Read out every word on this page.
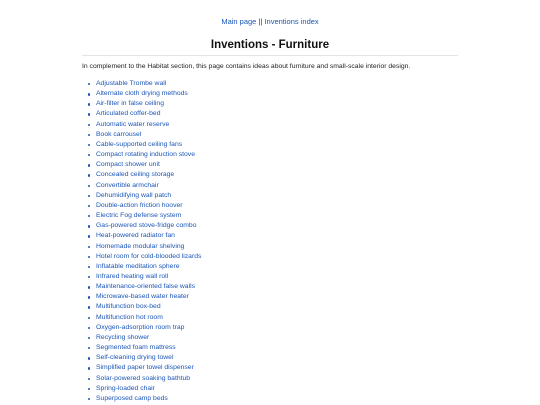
Main page || Inventions index
Inventions - Furniture

In complement to the Habitat section, this page contains ideas about furniture and small-scale interior design.

Adjustable Trombe wall
Alternate cloth drying methods
Air-filter in false ceiling
Articulated coffer-bed
Automatic water reserve
Book carrousel
Cable-supported ceiling fans
Compact rotating induction stove
Compact shower unit
Concealed ceiling storage
Convertible armchair
Dehumidifying wall patch
Double-action friction hoover
Electric Fog defense system
Gas-powered stove-fridge combo
Heat-powered radiator fan
Homemade modular shelving
Hotel room for cold-blooded lizards
Inflatable meditation sphere
Infrared heating wall roll
Maintenance-oriented false walls
Microwave-based water heater
Multifunction box-bed
Multifunction hot room
Oxygen-adsorption room trap
Recycling shower
Segmented foam mattress
Self-cleaning drying towel
Simplified paper towel dispenser
Solar-powered soaking bathtub
Spring-loaded chair
Superposed camp beds
